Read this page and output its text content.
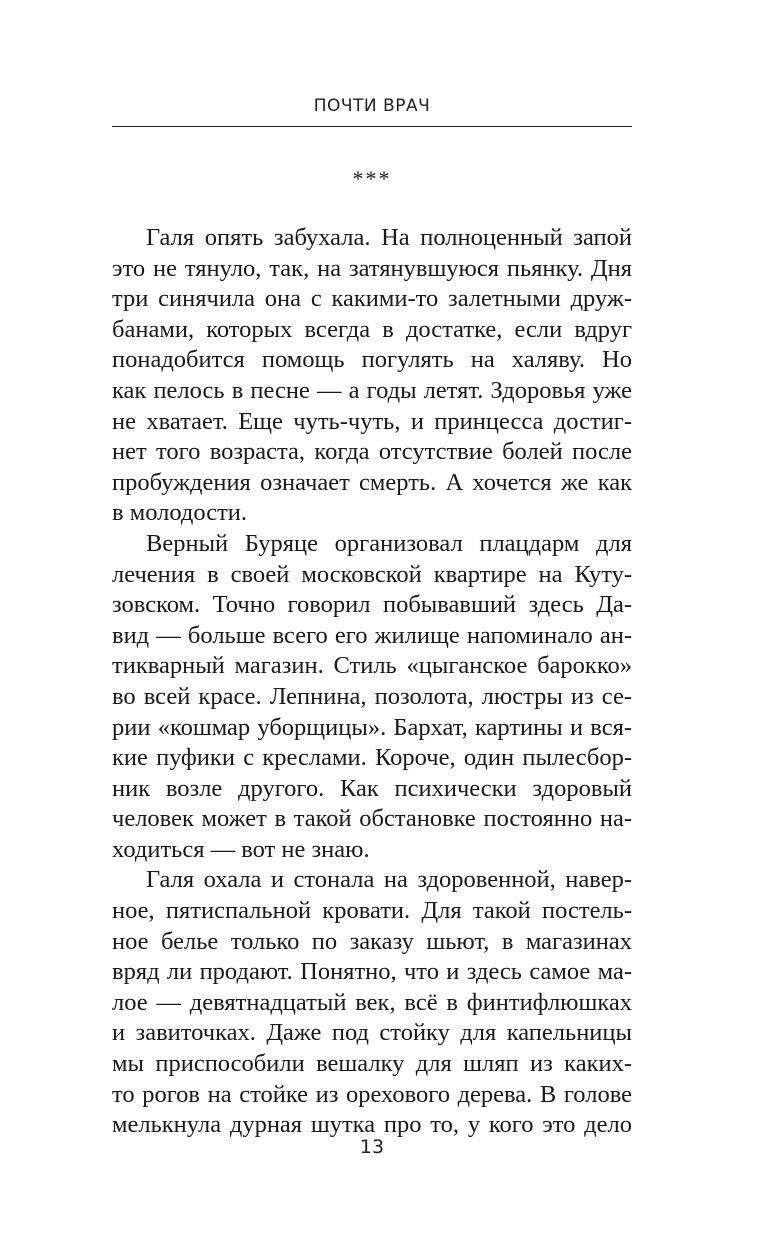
ПОЧТИ ВРАЧ
***
Галя опять забухала. На полноценный запой
это не тянуло, так, на затянувшуюся пьянку. Дня
три синячила она с какими-то залетными друж-
банами, которых всегда в достатке, если вдруг
понадобится помощь погулять на халяву. Но
как пелось в песне — а годы летят. Здоровья уже
не хватает. Еще чуть-чуть, и принцесса достиг-
нет того возраста, когда отсутствие болей после
пробуждения означает смерть. А хочется же как
в молодости.
Верный Буряце организовал плацдарм для
лечения в своей московской квартире на Куту-
зовском. Точно говорил побывавший здесь Да-
вид — больше всего его жилище напоминало ан-
тикварный магазин. Стиль «цыганское барокко»
во всей красе. Лепнина, позолота, люстры из се-
рии «кошмар уборщицы». Бархат, картины и вся-
кие пуфики с креслами. Короче, один пылесбор-
ник возле другого. Как психически здоровый
человек может в такой обстановке постоянно на-
ходиться — вот не знаю.
Галя охала и стонала на здоровенной, навер-
ное, пятиспальной кровати. Для такой постель-
ное белье только по заказу шьют, в магазинах
вряд ли продают. Понятно, что и здесь самое ма-
лое — девятнадцатый век, всё в финтифлюшках
и завиточках. Даже под стойку для капельницы
мы приспособили вешалку для шляп из каких-
то рогов на стойке из орехового дерева. В голове
мелькнула дурная шутка про то, у кого это дело
13
